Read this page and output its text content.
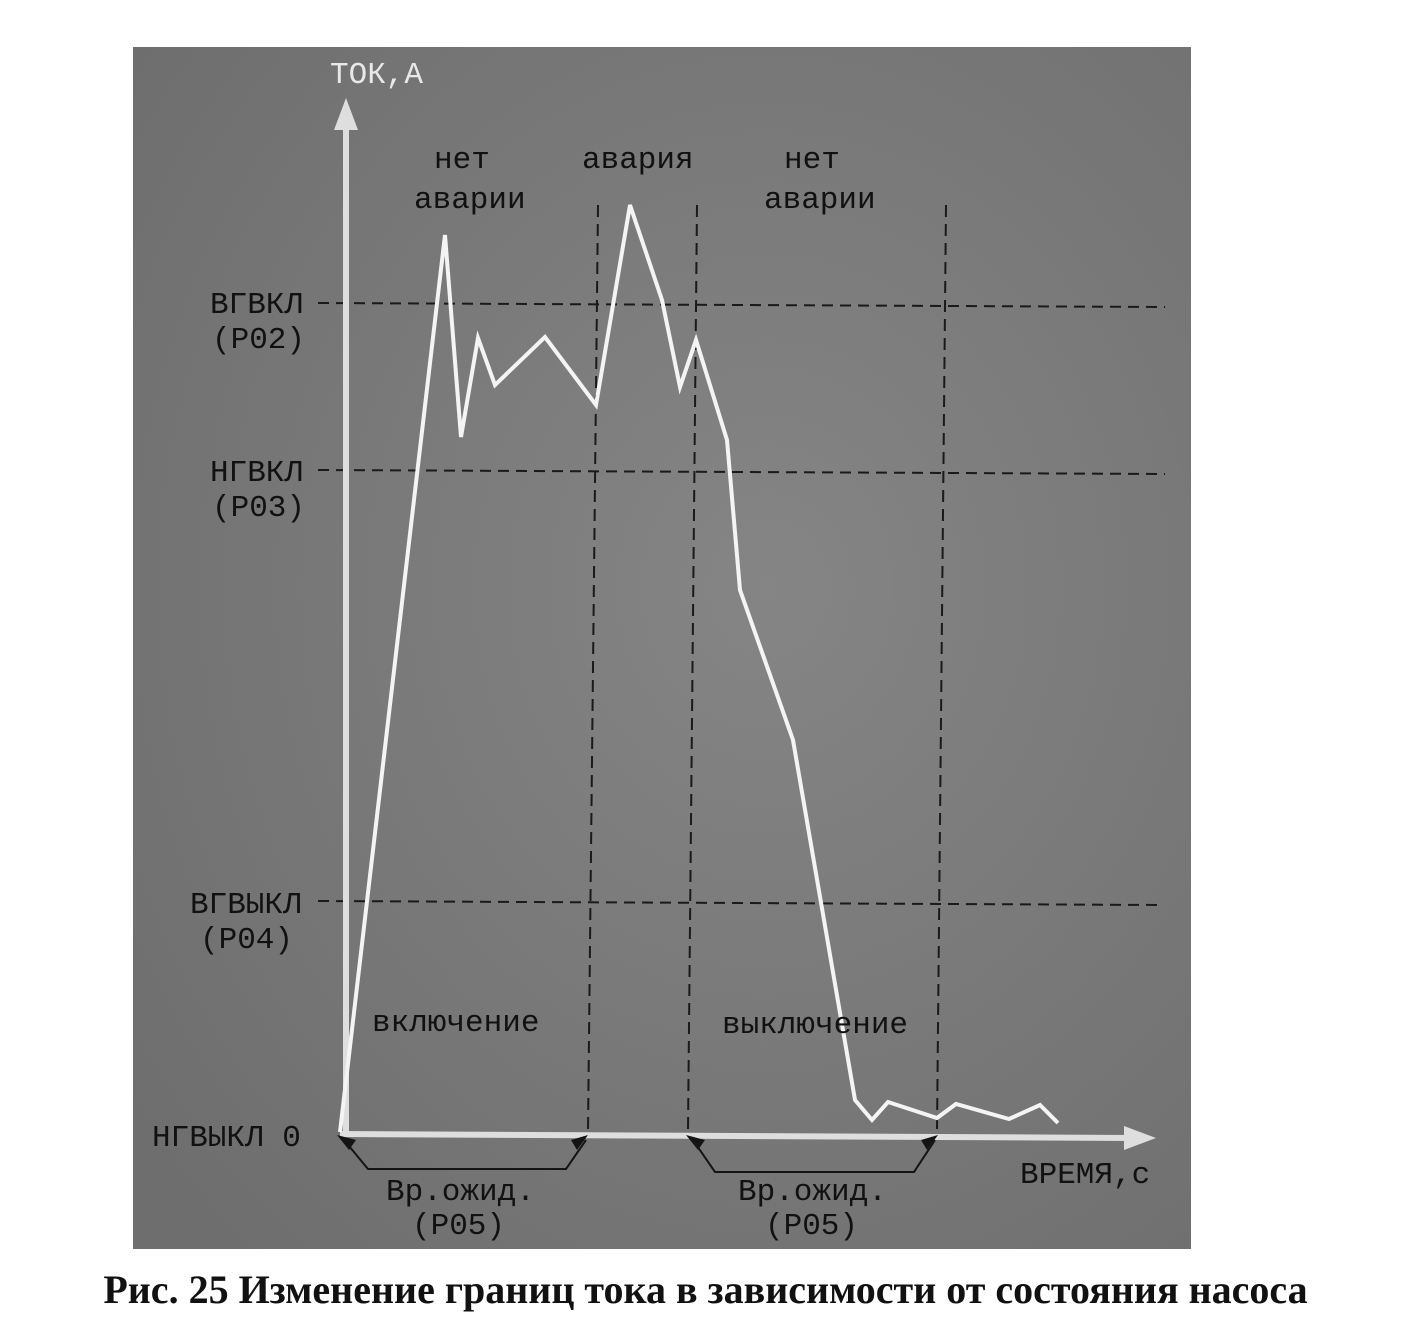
ТОК,А
ВРЕМЯ,с
ВГВКЛ
(P02)
НГВКЛ
(P03)
ВГВЫКЛ
(P04)
НГВЫКЛ 0
нет
аварии
авария	нет
аварии
включение	выключение
Вр.ожид.
(P05)
Вр.ожид.
(P05)
Рис. 25 Изменение границ тока в зависимости от состояния насоса
